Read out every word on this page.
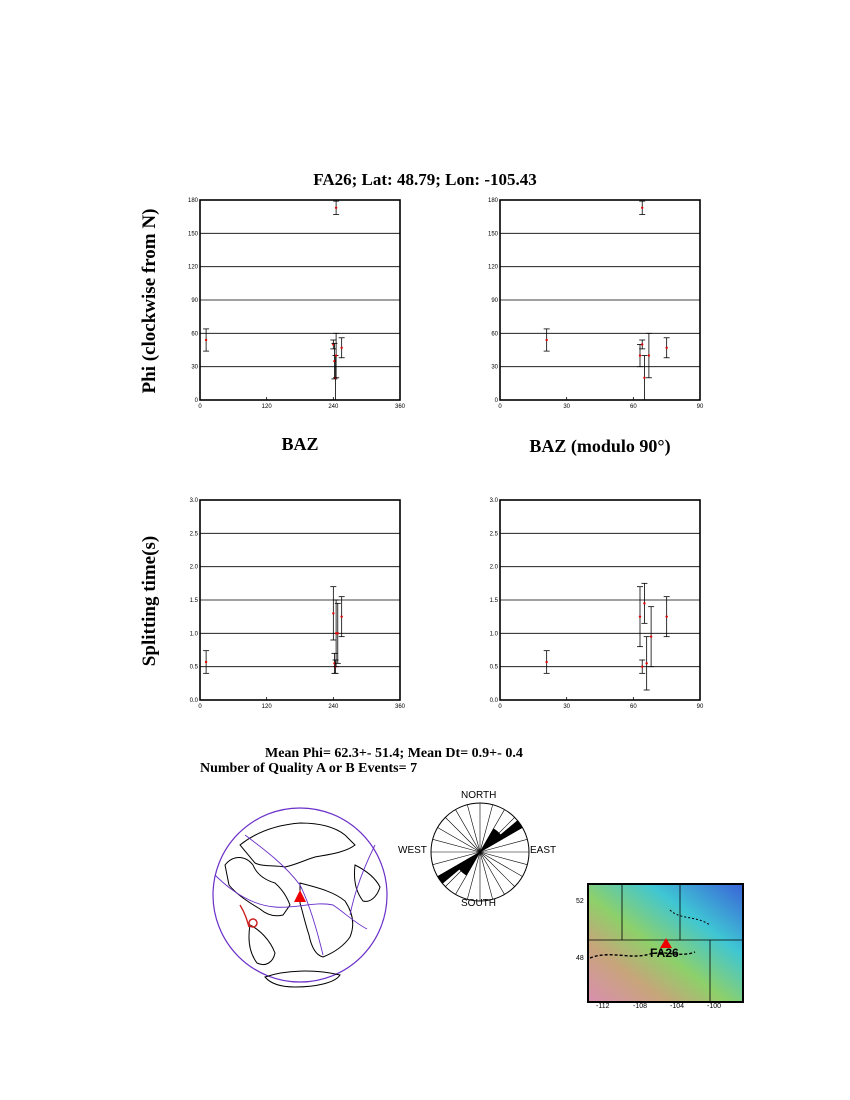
FA26; Lat: 48.79; Lon: -105.43
Phi (clockwise from N)
Splitting time(s)
0
30
60
90
120
150
180
0	120	240	360
0
30
60
90
120
150
180
0	30	60	90
0.0
0.5
1.0
1.5
2.0
2.5
3.0
0	120	240	360
0.0
0.5
1.0
1.5
2.0
2.5
3.0
0	30	60	90
BAZ	BAZ (modulo 90°)
Mean Phi= 62.3+- 51.4; Mean Dt= 0.9+- 0.4
Number of Quality A or B Events= 7
NORTH
SOUTH
WEST	EAST
52
48
-112	-108	-104	-100
FA26
